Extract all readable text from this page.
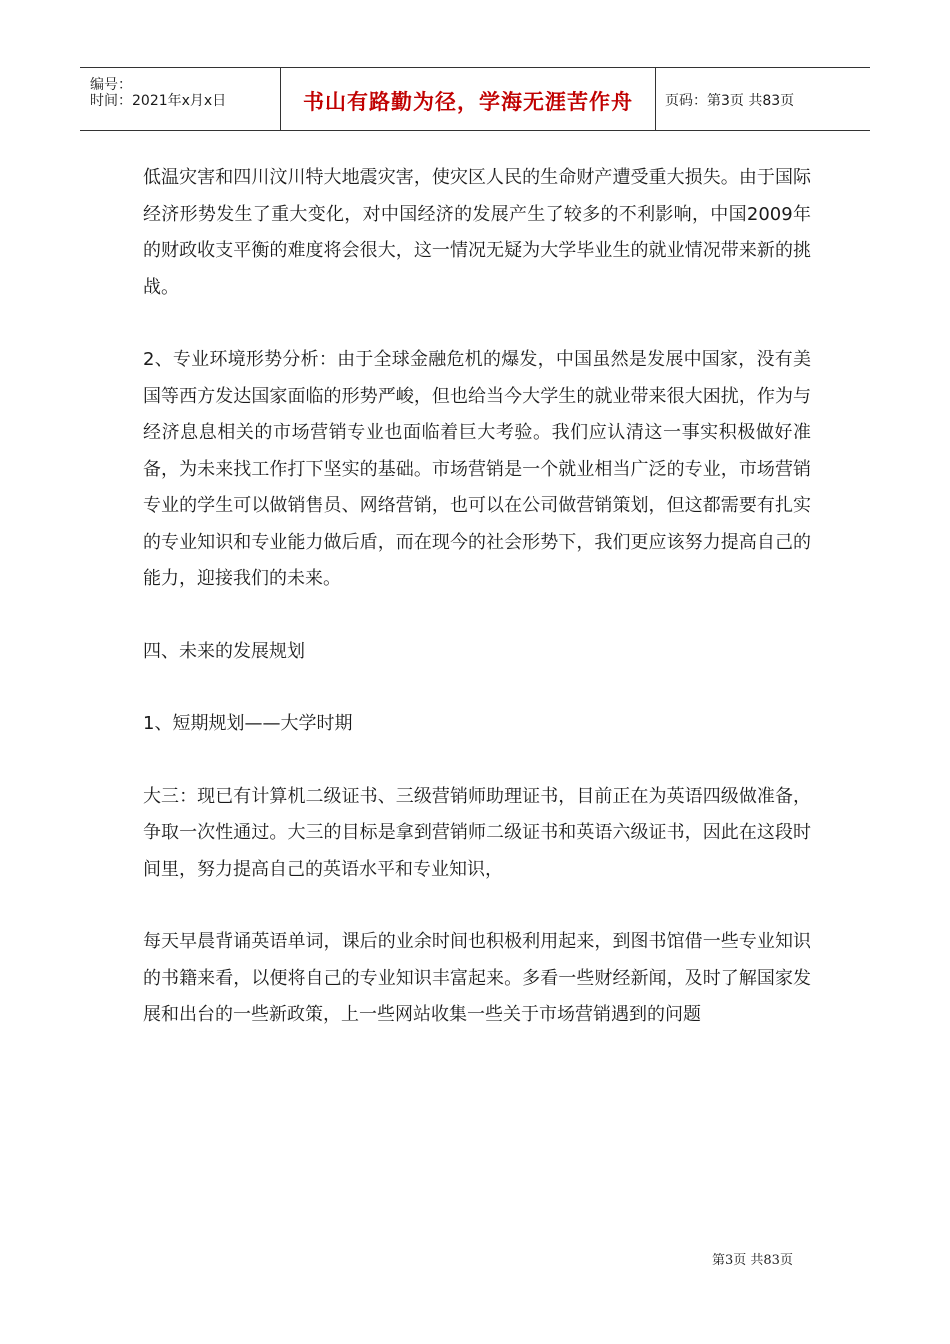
编号：
时间：2021年x月x日	书山有路勤为径，学海无涯苦作舟	页码：第3页 共83页

低温灾害和四川汶川特大地震灾害，使灾区人民的生命财产遭受重大损失。由于国际经济形势发生了重大变化，对中国经济的发展产生了较多的不利影响，中国2009年的财政收支平衡的难度将会很大，这一情况无疑为大学毕业生的就业情况带来新的挑战。

2、专业环境形势分析：由于全球金融危机的爆发，中国虽然是发展中国家，没有美国等西方发达国家面临的形势严峻，但也给当今大学生的就业带来很大困扰，作为与经济息息相关的市场营销专业也面临着巨大考验。我们应认清这一事实积极做好准备，为未来找工作打下坚实的基础。市场营销是一个就业相当广泛的专业，市场营销专业的学生可以做销售员、网络营销，也可以在公司做营销策划，但这都需要有扎实的专业知识和专业能力做后盾，而在现今的社会形势下，我们更应该努力提高自己的能力，迎接我们的未来。

四、未来的发展规划

1、短期规划——大学时期

大三：现已有计算机二级证书、三级营销师助理证书，目前正在为英语四级做准备，争取一次性通过。大三的目标是拿到营销师二级证书和英语六级证书，因此在这段时间里，努力提高自己的英语水平和专业知识，

每天早晨背诵英语单词，课后的业余时间也积极利用起来，到图书馆借一些专业知识的书籍来看，以便将自己的专业知识丰富起来。多看一些财经新闻，及时了解国家发展和出台的一些新政策，上一些网站收集一些关于市场营销遇到的问题

第3页 共83页
